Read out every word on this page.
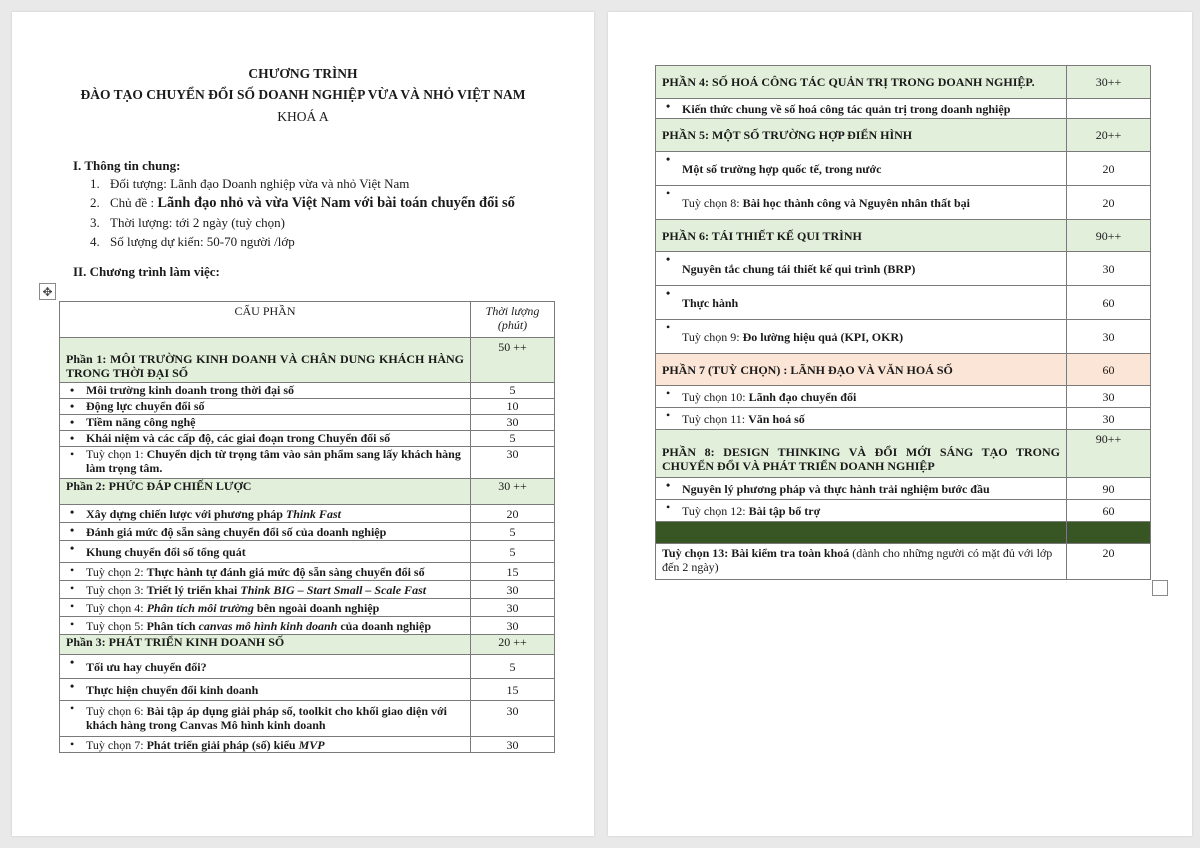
CHƯƠNG TRÌNH
ĐÀO TẠO CHUYỂN ĐỔI SỐ DOANH NGHIỆP VỪA VÀ NHỎ VIỆT NAM
KHOÁ A
I. Thông tin chung:
1. Đối tượng: Lãnh đạo Doanh nghiệp vừa và nhỏ Việt Nam
2. Chủ đề : Lãnh đạo nhỏ và vừa Việt Nam với bài toán chuyển đổi số
3. Thời lượng: tới 2 ngày (tuỳ chọn)
4. Số lượng dự kiến: 50-70 người /lớp
II. Chương trình làm việc:
CẤU PHẦN	Thời lượng (phút)
Phần 1: MÔI TRƯỜNG KINH DOANH VÀ CHÂN DUNG KHÁCH HÀNG TRONG THỜI ĐẠI SỐ	50 ++
• Môi trường kinh doanh trong thời đại số	5
• Động lực chuyển đổi số	10
• Tiềm năng công nghệ	30
• Khái niệm và các cấp độ, các giai đoạn trong Chuyển đổi số	5
• Tuỳ chọn 1: Chuyển dịch từ trọng tâm vào sản phẩm sang lấy khách hàng làm trọng tâm.	30
Phần 2: PHỨC ĐÁP CHIẾN LƯỢC	30 ++
• Xây dựng chiến lược với phương pháp Think Fast	20
• Đánh giá mức độ sẵn sàng chuyển đổi số của doanh nghiệp	5
• Khung chuyển đổi số tổng quát	5
• Tuỳ chọn 2: Thực hành tự đánh giá mức độ sẵn sàng chuyển đổi số	15
• Tuỳ chọn 3: Triết lý triển khai Think BIG – Start Small – Scale Fast	30
• Tuỳ chọn 4: Phân tích môi trường bên ngoài doanh nghiệp	30
• Tuỳ chọn 5: Phân tích canvas mô hình kinh doanh của doanh nghiệp	30
Phần 3: PHÁT TRIỂN KINH DOANH SỐ	20 ++
• Tối ưu hay chuyển đổi?	5
• Thực hiện chuyển đổi kinh doanh	15
• Tuỳ chọn 6: Bài tập áp dụng giải pháp số, toolkit cho khối giao diện với khách hàng trong Canvas Mô hình kinh doanh	30
• Tuỳ chọn 7: Phát triển giải pháp (số) kiểu MVP	30
✥
PHẦN 4: SỐ HOÁ CÔNG TÁC QUẢN TRỊ TRONG DOANH NGHIỆP.	30++
• Kiến thức chung về số hoá công tác quản trị trong doanh nghiệp	
PHẦN 5: MỘT SỐ TRƯỜNG HỢP ĐIỂN HÌNH	20++
• Một số trường hợp quốc tế, trong nước	20
• Tuỳ chọn 8: Bài học thành công và Nguyên nhân thất bại	20
PHẦN 6: TÁI THIẾT KẾ QUI TRÌNH	90++
• Nguyên tắc chung tái thiết kế qui trình (BRP)	30
• Thực hành	60
• Tuỳ chọn 9: Đo lường hiệu quả (KPI, OKR)	30
PHẦN 7 (TUỲ CHỌN) : LÃNH ĐẠO VÀ VĂN HOÁ SỐ	60
• Tuỳ chọn 10: Lãnh đạo chuyển đổi	30
• Tuỳ chọn 11: Văn hoá số	30
PHẦN 8: DESIGN THINKING VÀ ĐỔI MỚI SÁNG TẠO TRONG CHUYỂN ĐỔI VÀ PHÁT TRIỂN DOANH NGHIỆP	90++
• Nguyên lý phương pháp và thực hành trải nghiệm bước đầu	90
• Tuỳ chọn 12: Bài tập bổ trợ	60

Tuỳ chọn 13: Bài kiểm tra toàn khoá (dành cho những người có mặt đủ với lớp đến 2 ngày)	20
